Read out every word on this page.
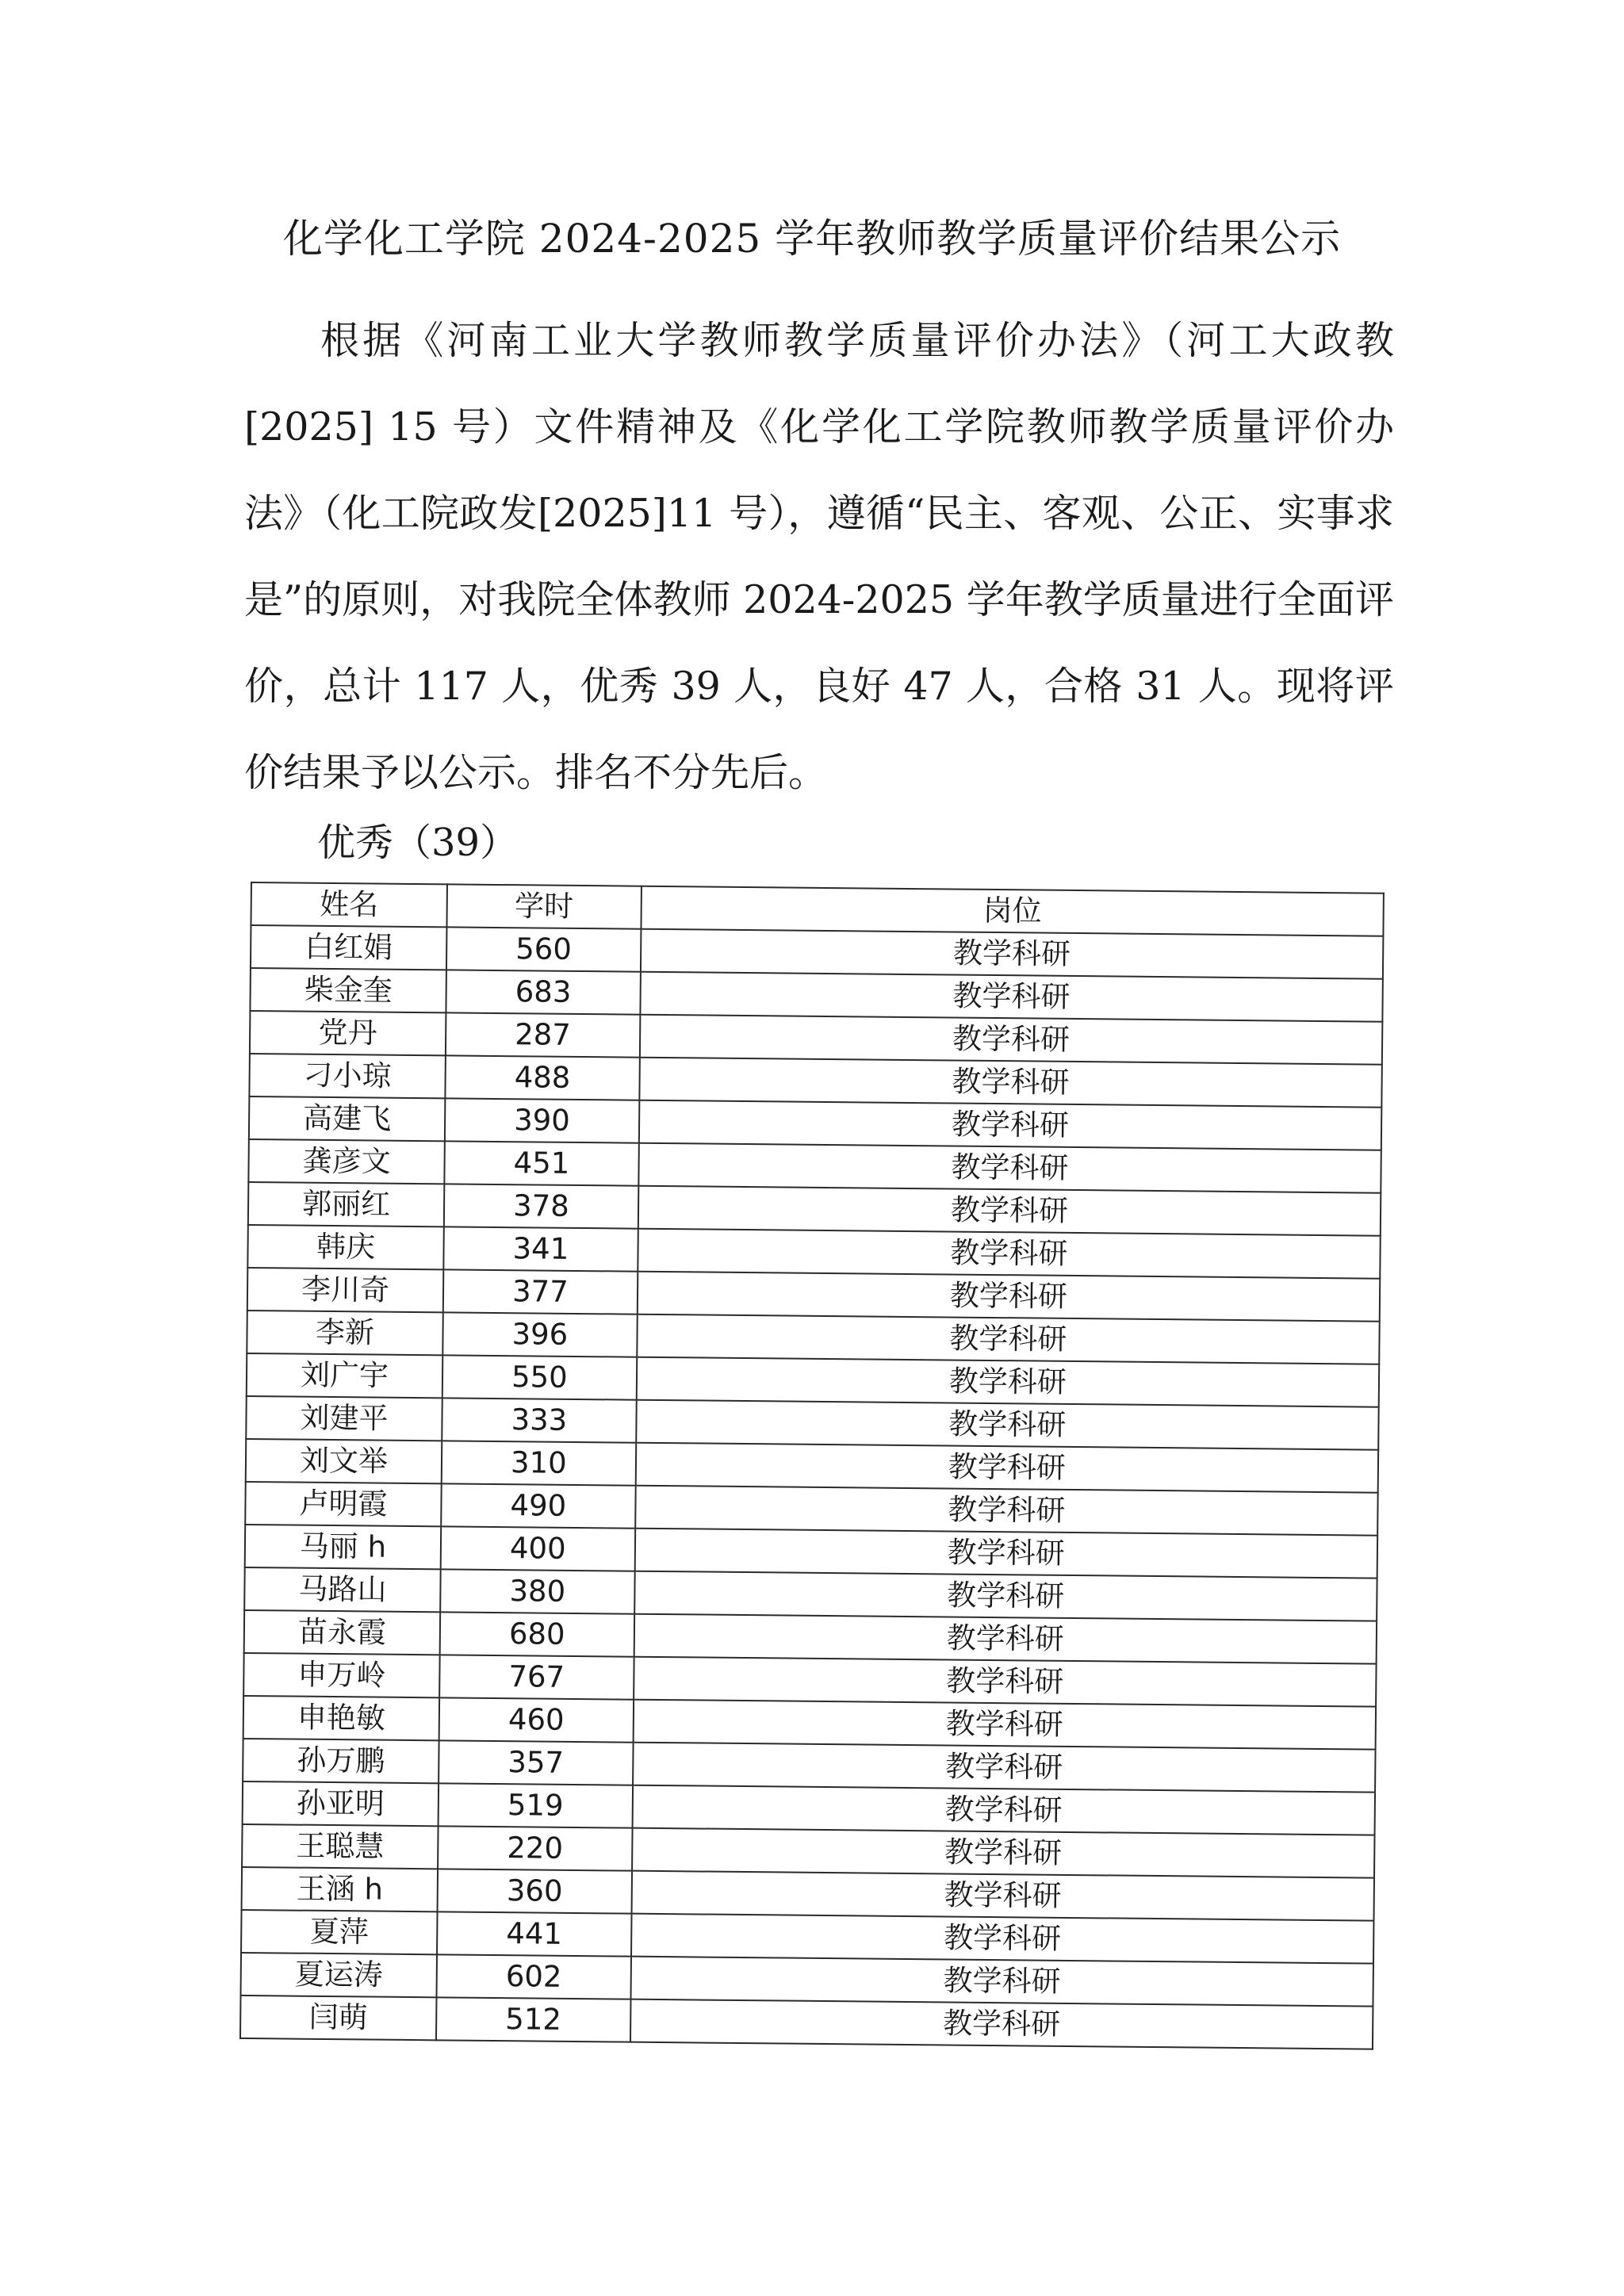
化学化工学院 2024-2025 学年教师教学质量评价结果公示

根据《河南工业大学教师教学质量评价办法》（河工大政教[2025] 15 号）文件精神及《化学化工学院教师教学质量评价办法》（化工院政发[2025]11 号），遵循“民主、客观、公正、实事求是”的原则，对我院全体教师 2024-2025 学年教学质量进行全面评价，总计 117 人，优秀 39 人，良好 47 人，合格 31 人。现将评价结果予以公示。排名不分先后。

优秀（39）
姓名	学时	岗位
白红娟	560	教学科研
柴金奎	683	教学科研
党丹	287	教学科研
刁小琼	488	教学科研
高建飞	390	教学科研
龚彦文	451	教学科研
郭丽红	378	教学科研
韩庆	341	教学科研
李川奇	377	教学科研
李新	396	教学科研
刘广宇	550	教学科研
刘建平	333	教学科研
刘文举	310	教学科研
卢明霞	490	教学科研
马丽 h	400	教学科研
马路山	380	教学科研
苗永霞	680	教学科研
申万岭	767	教学科研
申艳敏	460	教学科研
孙万鹏	357	教学科研
孙亚明	519	教学科研
王聪慧	220	教学科研
王涵 h	360	教学科研
夏萍	441	教学科研
夏运涛	602	教学科研
闫萌	512	教学科研
